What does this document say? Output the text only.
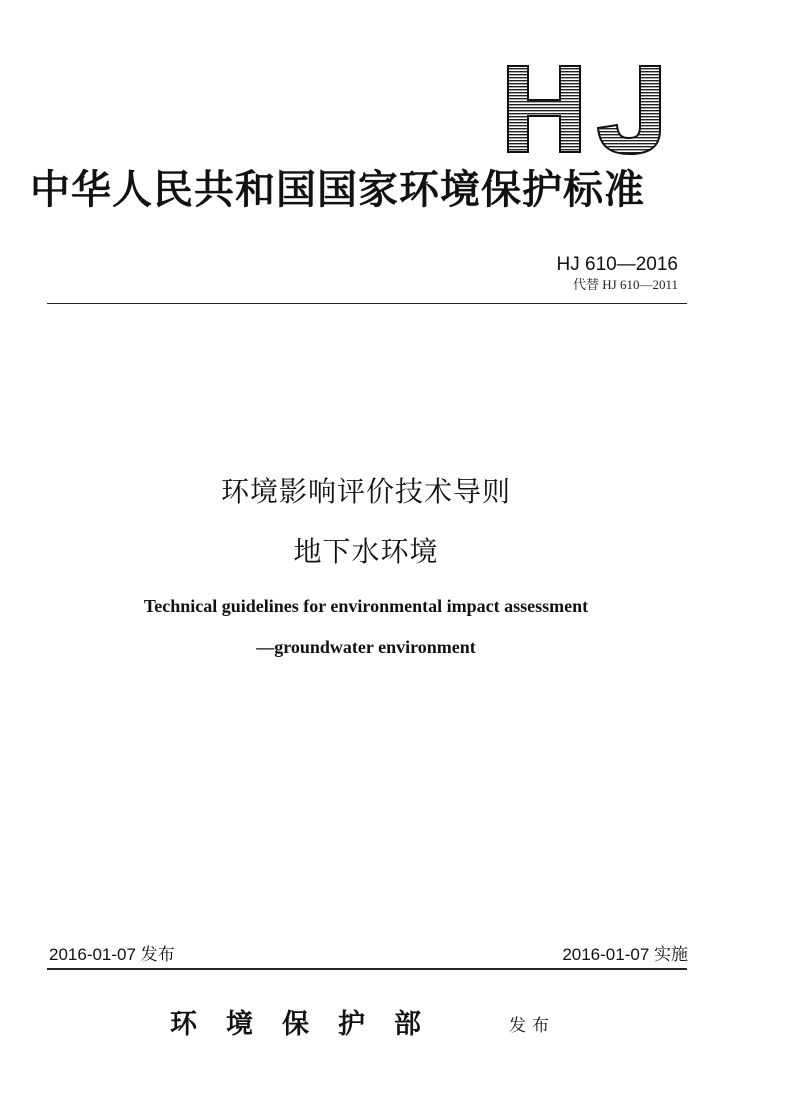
中华人民共和国国家环境保护标准
HJ 610—2016
代替 HJ 610—2011
环境影响评价技术导则
地下水环境
Technical guidelines for environmental impact assessment
—groundwater environment
2016-01-07 发布	2016-01-07 实施
环境保护部	发布
